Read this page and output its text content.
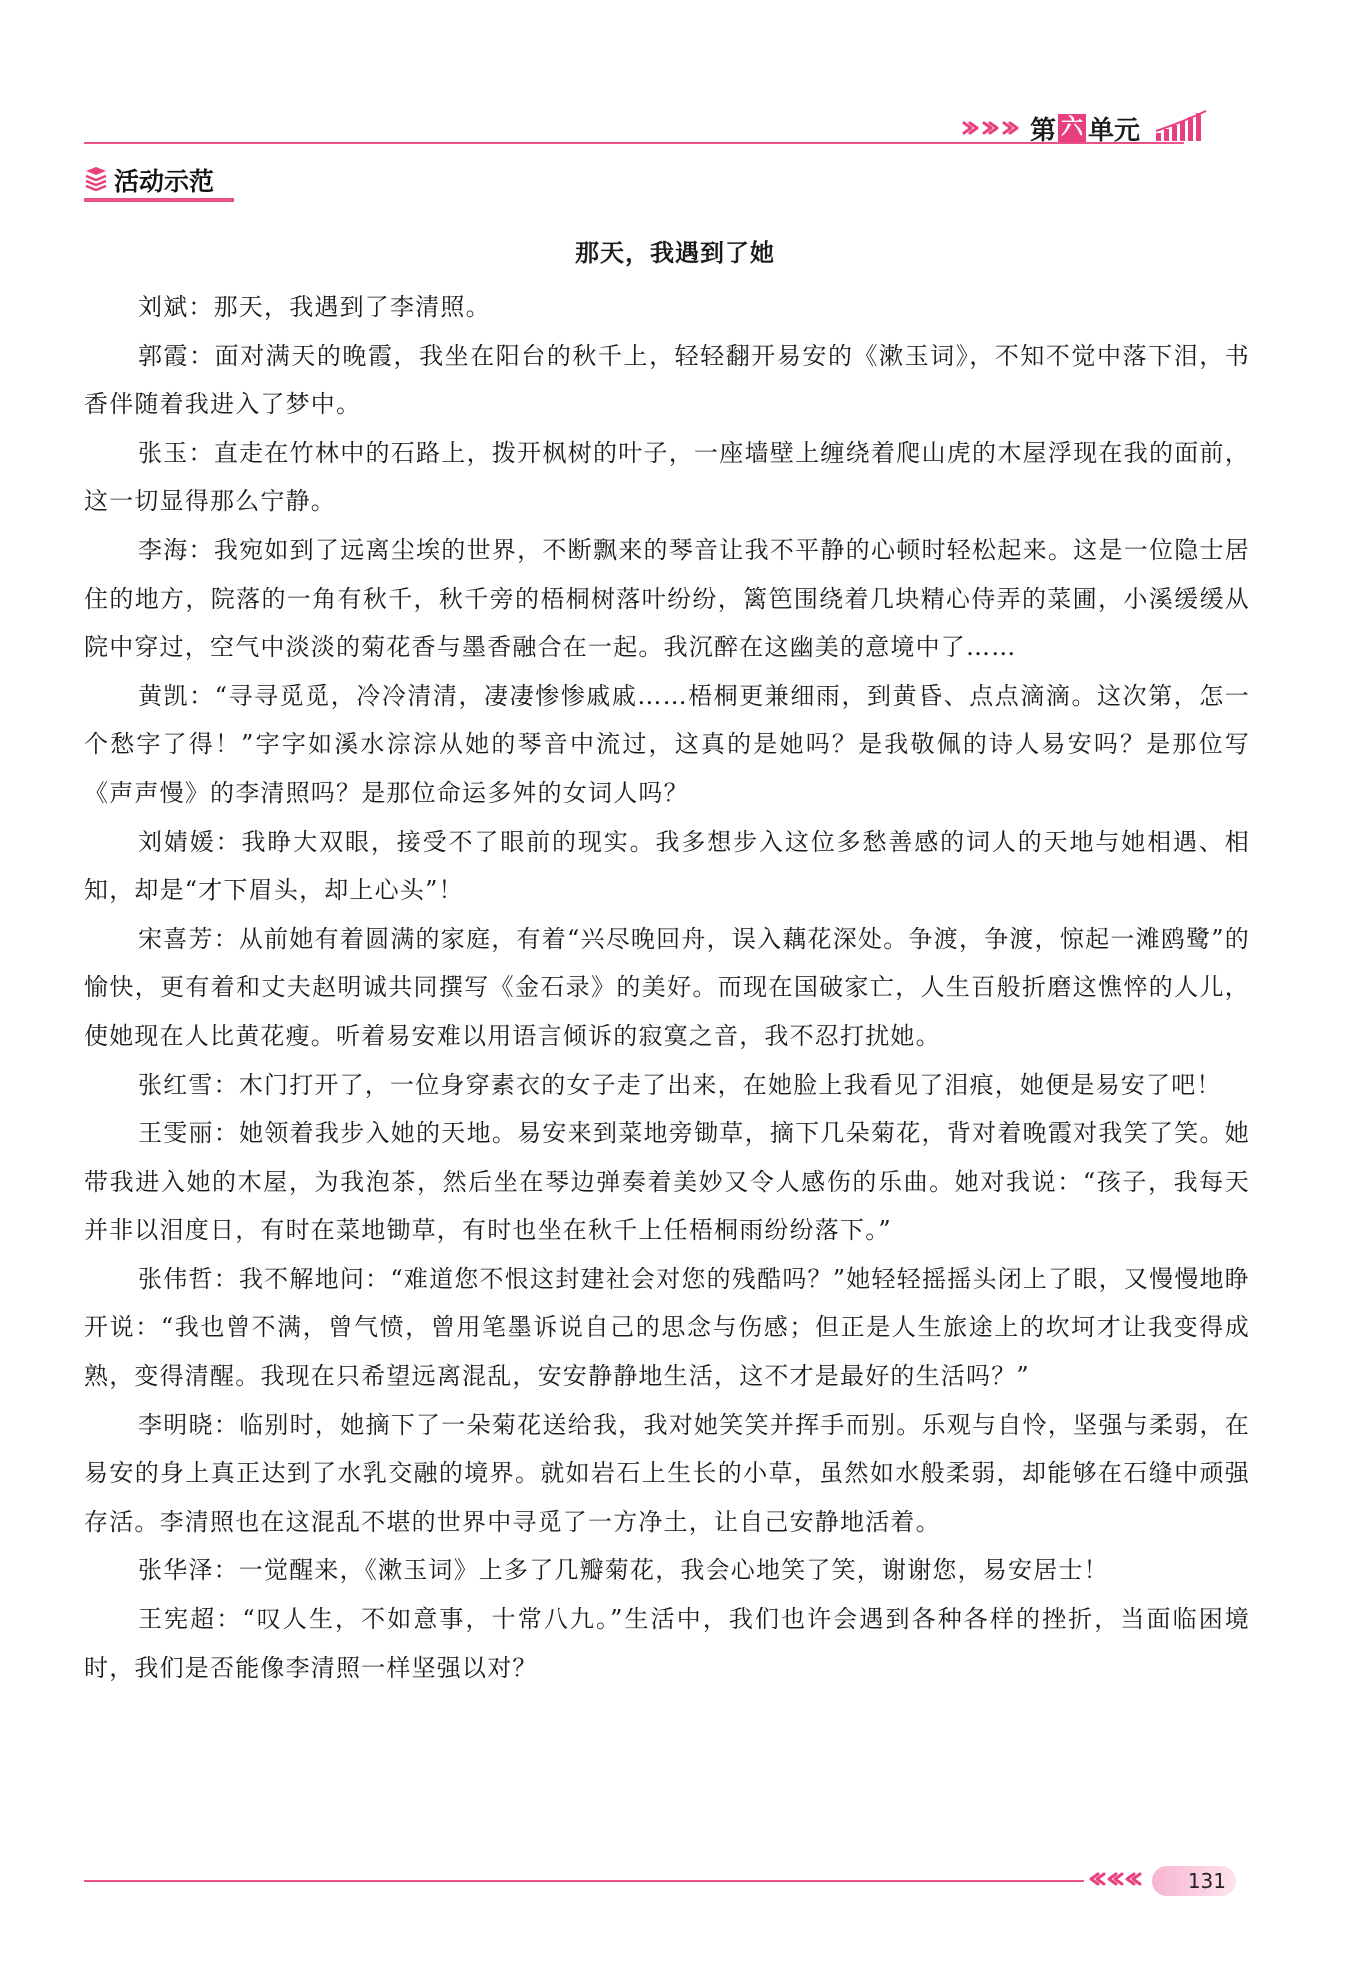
第 六 单元
活动示范
那天，我遇到了她

刘斌：那天，我遇到了李清照。

郭霞：面对满天的晚霞，我坐在阳台的秋千上，轻轻翻开易安的《漱玉词》，不知不觉中落下泪，书香伴随着我进入了梦中。

张玉：直走在竹林中的石路上，拨开枫树的叶子，一座墙壁上缠绕着爬山虎的木屋浮现在我的面前，这一切显得那么宁静。

李海：我宛如到了远离尘埃的世界，不断飘来的琴音让我不平静的心顿时轻松起来。这是一位隐士居住的地方，院落的一角有秋千，秋千旁的梧桐树落叶纷纷，篱笆围绕着几块精心侍弄的菜圃，小溪缓缓从院中穿过，空气中淡淡的菊花香与墨香融合在一起。我沉醉在这幽美的意境中了……

黄凯：“寻寻觅觅，冷冷清清，凄凄惨惨戚戚……梧桐更兼细雨，到黄昏、点点滴滴。这次第，怎一个愁字了得！”字字如溪水淙淙从她的琴音中流过，这真的是她吗？是我敬佩的诗人易安吗？是那位写《声声慢》的李清照吗？是那位命运多舛的女词人吗？

刘婧媛：我睁大双眼，接受不了眼前的现实。我多想步入这位多愁善感的词人的天地与她相遇、相知，却是“才下眉头，却上心头”！

宋喜芳：从前她有着圆满的家庭，有着“兴尽晚回舟，误入藕花深处。争渡，争渡，惊起一滩鸥鹭”的愉快，更有着和丈夫赵明诚共同撰写《金石录》的美好。而现在国破家亡，人生百般折磨这憔悴的人儿，使她现在人比黄花瘦。听着易安难以用语言倾诉的寂寞之音，我不忍打扰她。

张红雪：木门打开了，一位身穿素衣的女子走了出来，在她脸上我看见了泪痕，她便是易安了吧！

王雯丽：她领着我步入她的天地。易安来到菜地旁锄草，摘下几朵菊花，背对着晚霞对我笑了笑。她带我进入她的木屋，为我泡茶，然后坐在琴边弹奏着美妙又令人感伤的乐曲。她对我说：“孩子，我每天并非以泪度日，有时在菜地锄草，有时也坐在秋千上任梧桐雨纷纷落下。”

张伟哲：我不解地问：“难道您不恨这封建社会对您的残酷吗？”她轻轻摇摇头闭上了眼，又慢慢地睁开说：“我也曾不满，曾气愤，曾用笔墨诉说自己的思念与伤感；但正是人生旅途上的坎坷才让我变得成熟，变得清醒。我现在只希望远离混乱，安安静静地生活，这不才是最好的生活吗？”

李明晓：临别时，她摘下了一朵菊花送给我，我对她笑笑并挥手而别。乐观与自怜，坚强与柔弱，在易安的身上真正达到了水乳交融的境界。就如岩石上生长的小草，虽然如水般柔弱，却能够在石缝中顽强存活。李清照也在这混乱不堪的世界中寻觅了一方净土，让自己安静地活着。

张华泽：一觉醒来，《漱玉词》上多了几瓣菊花，我会心地笑了笑，谢谢您，易安居士！

王宪超：“叹人生，不如意事，十常八九。”生活中，我们也许会遇到各种各样的挫折，当面临困境时，我们是否能像李清照一样坚强以对？

131
